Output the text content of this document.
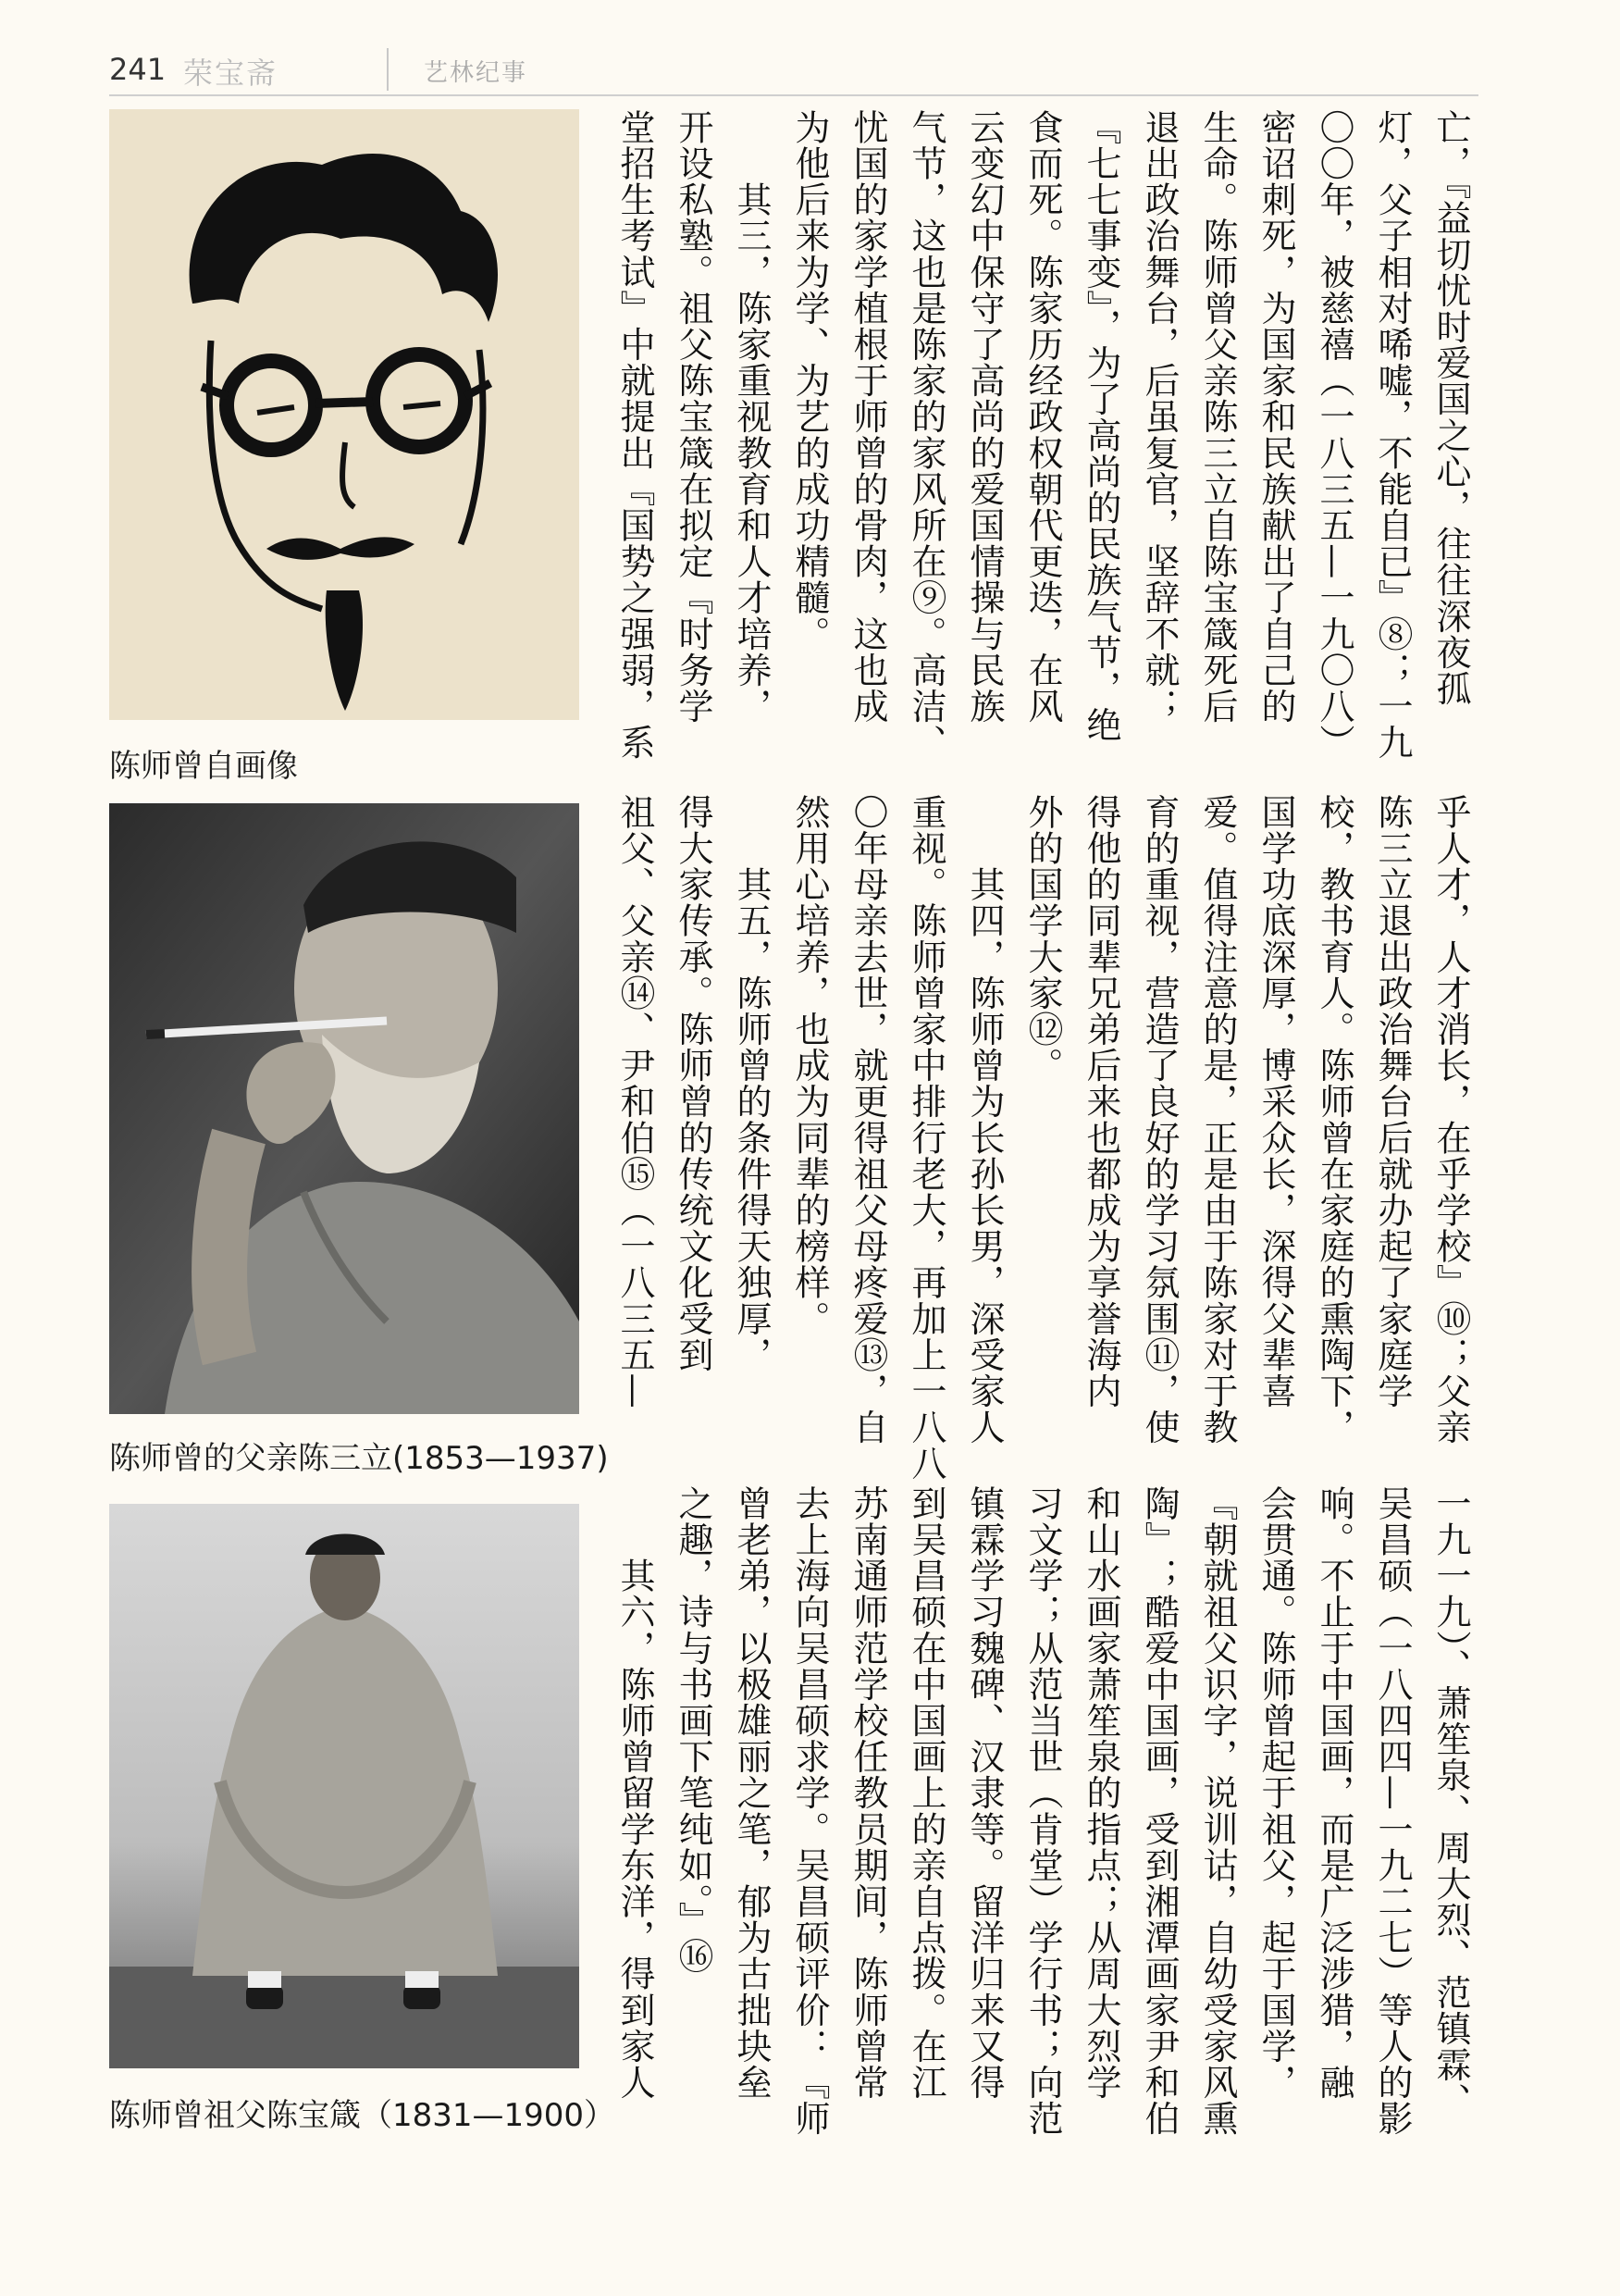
241 荣宝斋	艺林纪事
陈师曾自画像
陈师曾的父亲陈三立(1853—1937)
陈师曾祖父陈宝箴（1831—1900）
亡，『益切忧时爱国之心，往往深夜孤
灯，父子相对唏嘘，不能自已』⑧；一九
〇〇年，被慈禧（一八三五—一九〇八）
密诏刺死，为国家和民族献出了自己的
生命。陈师曾父亲陈三立自陈宝箴死后
退出政治舞台，后虽复官，坚辞不就；
『七七事变』，为了高尚的民族气节，绝
食而死。陈家历经政权朝代更迭，在风
云变幻中保守了高尚的爱国情操与民族
气节，这也是陈家的家风所在⑨。高洁、
忧国的家学植根于师曾的骨肉，这也成
为他后来为学、为艺的成功精髓。
　　其三，陈家重视教育和人才培养，
开设私塾。祖父陈宝箴在拟定『时务学
堂招生考试』中就提出『国势之强弱，系
乎人才，人才消长，在乎学校』⑩；父亲
陈三立退出政治舞台后就办起了家庭学
校，教书育人。陈师曾在家庭的熏陶下，
国学功底深厚，博采众长，深得父辈喜
爱。值得注意的是，正是由于陈家对于教
育的重视，营造了良好的学习氛围⑪，使
得他的同辈兄弟后来也都成为享誉海内
外的国学大家⑫。
　　其四，陈师曾为长孙长男，深受家人
重视。陈师曾家中排行老大，再加上一八八
〇年母亲去世，就更得祖父母疼爱⑬，自
然用心培养，也成为同辈的榜样。
　　其五，陈师曾的条件得天独厚，
得大家传承。陈师曾的传统文化受到
祖父、父亲⑭、尹和伯⑮（一八三五—
一九一九）、萧笙泉、周大烈、范镇霖、
吴昌硕（一八四四—一九二七）等人的影
响。不止于中国画，而是广泛涉猎，融
会贯通。陈师曾起于祖父，起于国学，
『朝就祖父识字，说训诂，自幼受家风熏
陶』；酷爱中国画，受到湘潭画家尹和伯
和山水画家萧笙泉的指点；从周大烈学
习文学；从范当世（肯堂）学行书；向范
镇霖学习魏碑、汉隶等。留洋归来又得
到吴昌硕在中国画上的亲自点拨。在江
苏南通师范学校任教员期间，陈师曾常
去上海向吴昌硕求学。吴昌硕评价：『师
曾老弟，以极雄丽之笔，郁为古拙块垒
之趣，诗与书画下笔纯如。』⑯
　　其六，陈师曾留学东洋，得到家人
